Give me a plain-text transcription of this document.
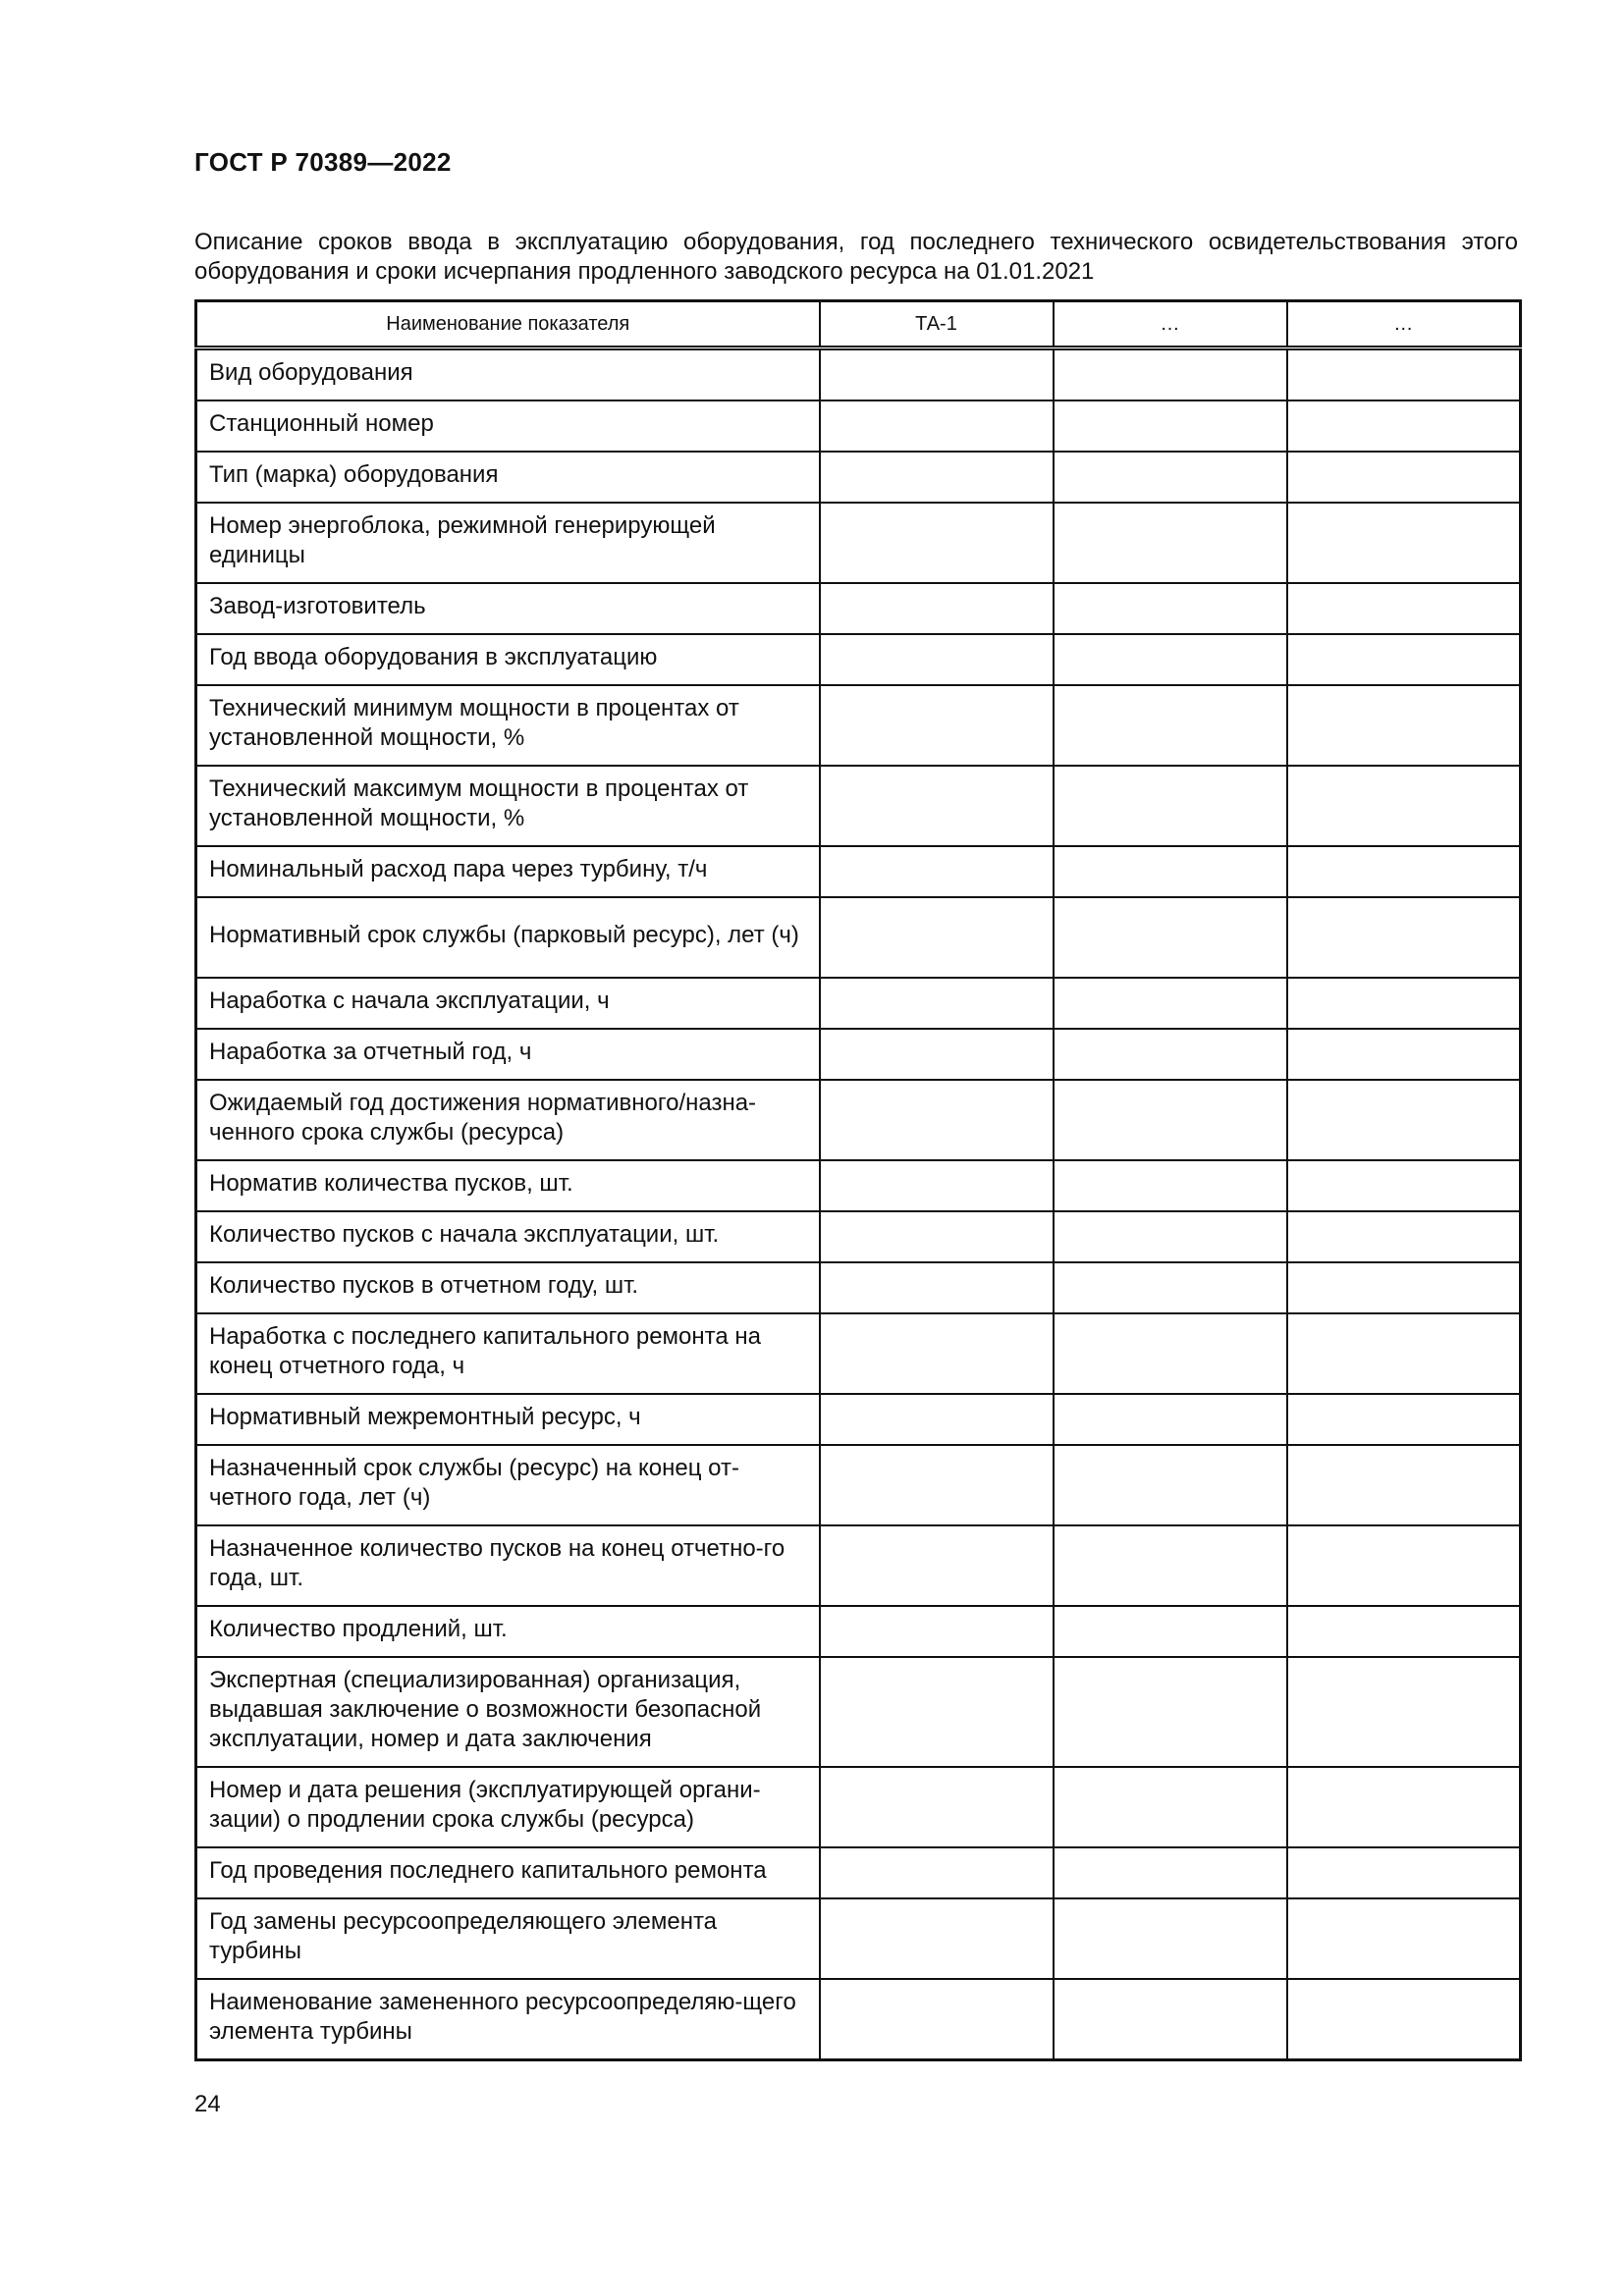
ГОСТ Р 70389—2022
Описание сроков ввода в эксплуатацию оборудования, год последнего технического освидетельствования этого оборудования и сроки исчерпания продленного заводского ресурса на 01.01.2021
Наименование показателя	ТА-1	…	…
Вид оборудования			
Станционный номер			
Тип (марка) оборудования			
Номер энергоблока, режимной генерирующей единицы			
Завод-изготовитель			
Год ввода оборудования в эксплуатацию			
Технический минимум мощности в процентах от установленной мощности, %			
Технический максимум мощности в процентах от установленной мощности, %			
Номинальный расход пара через турбину, т/ч			
Нормативный срок службы (парковый ресурс), лет (ч)			
Наработка с начала эксплуатации, ч			
Наработка за отчетный год, ч			
Ожидаемый год достижения нормативного/назна-ченного срока службы (ресурса)			
Норматив количества пусков, шт.			
Количество пусков с начала эксплуатации, шт.			
Количество пусков в отчетном году, шт.			
Наработка с последнего капитального ремонта на конец отчетного года, ч			
Нормативный межремонтный ресурс, ч			
Назначенный срок службы (ресурс) на конец от-четного года, лет (ч)			
Назначенное количество пусков на конец отчетно-го года, шт.			
Количество продлений, шт.			
Экспертная (специализированная) организация, выдавшая заключение о возможности безопасной эксплуатации, номер и дата заключения			
Номер и дата решения (эксплуатирующей органи-зации) о продлении срока службы (ресурса)			
Год проведения последнего капитального ремонта			
Год замены ресурсоопределяющего элемента турбины			
Наименование замененного ресурсоопределяю-щего элемента турбины			
24
